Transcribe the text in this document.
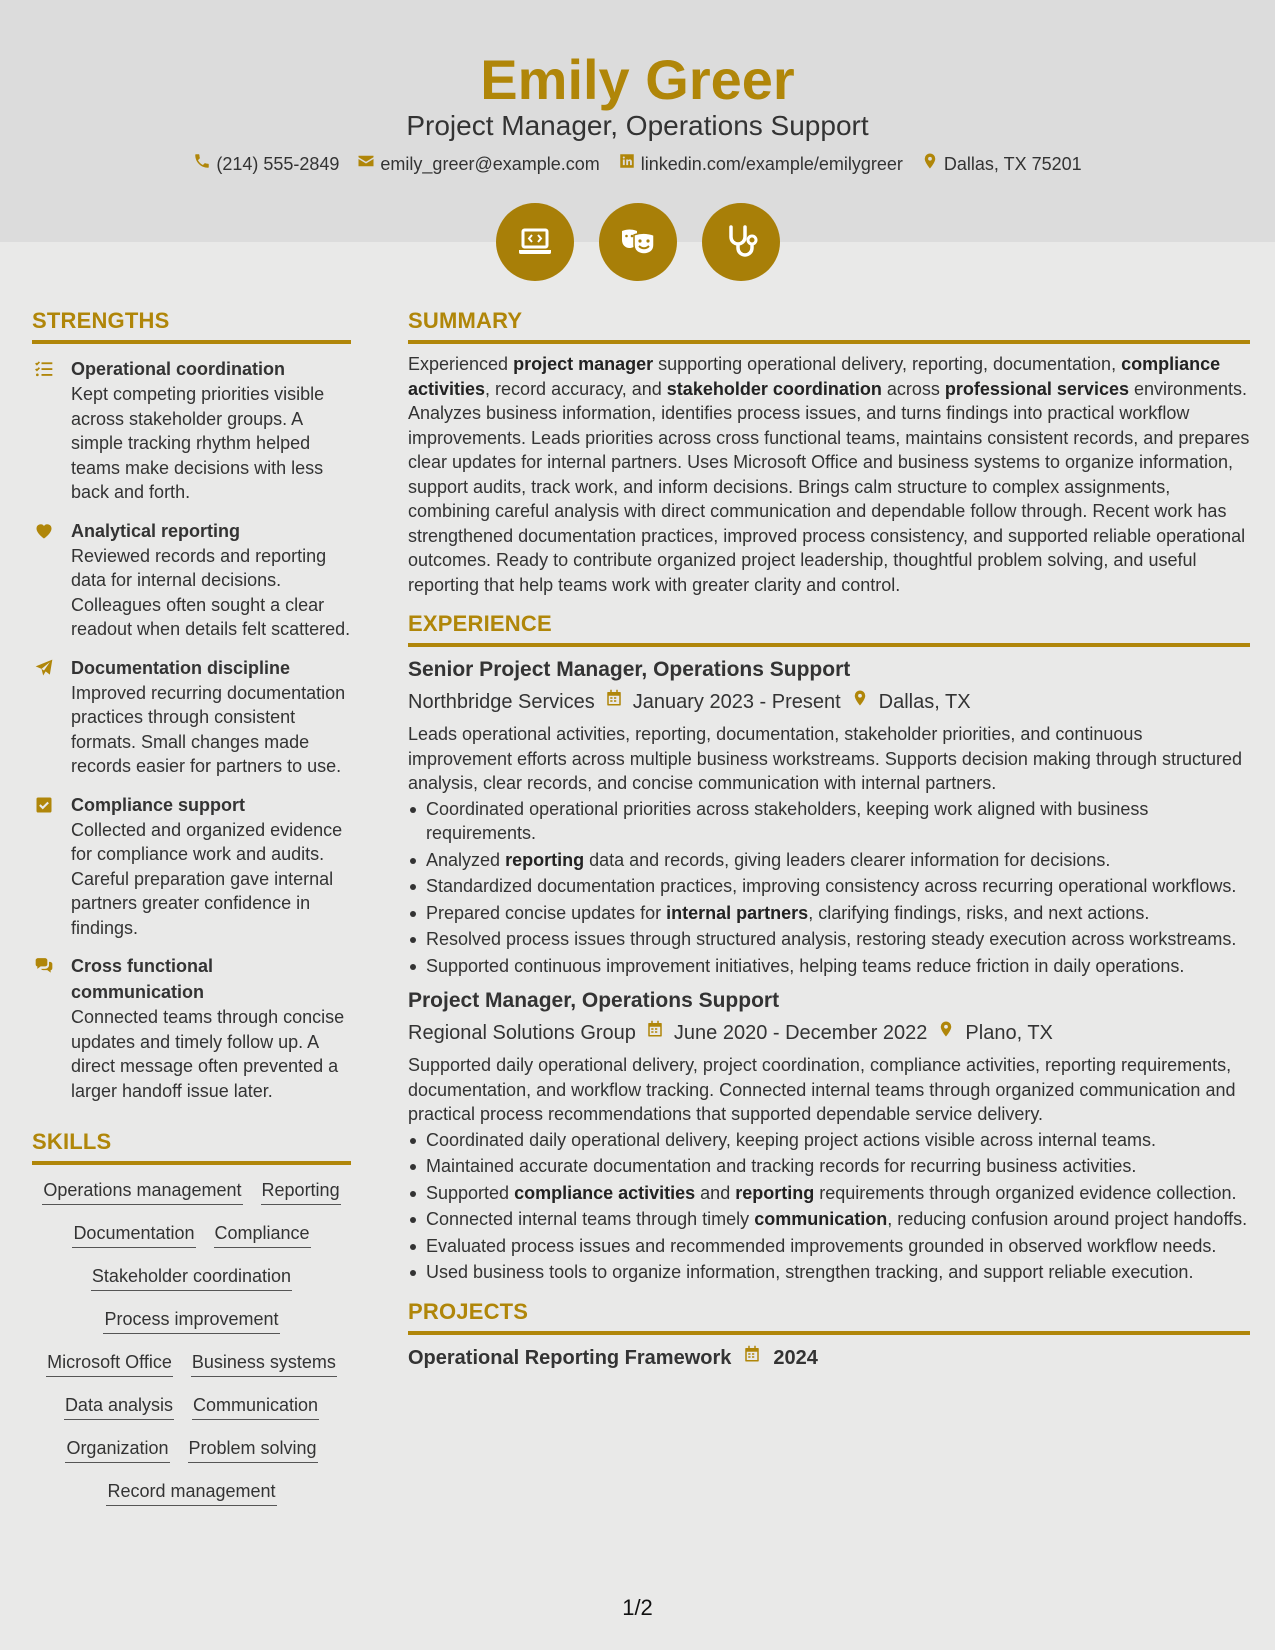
Emily Greer
Project Manager, Operations Support
(214) 555-2849 emily_greer@example.com linkedin.com/example/emilygreer Dallas, TX 75201
STRENGTHS
Operational coordination
Kept competing priorities visible across stakeholder groups. A simple tracking rhythm helped teams make decisions with less back and forth.
Analytical reporting
Reviewed records and reporting data for internal decisions. Colleagues often sought a clear readout when details felt scattered.
Documentation discipline
Improved recurring documentation practices through consistent formats. Small changes made records easier for partners to use.
Compliance support
Collected and organized evidence for compliance work and audits. Careful preparation gave internal partners greater confidence in findings.
Cross functional communication
Connected teams through concise updates and timely follow up. A direct message often prevented a larger handoff issue later.
SKILLS
Operations management Reporting
Documentation Compliance
Stakeholder coordination
Process improvement
Microsoft Office Business systems
Data analysis Communication
Organization Problem solving
Record management
SUMMARY

Experienced project manager supporting operational delivery, reporting, documentation, compliance activities, record accuracy, and stakeholder coordination across professional services environments. Analyzes business information, identifies process issues, and turns findings into practical workflow improvements. Leads priorities across cross functional teams, maintains consistent records, and prepares clear updates for internal partners. Uses Microsoft Office and business systems to organize information, support audits, track work, and inform decisions. Brings calm structure to complex assignments, combining careful analysis with direct communication and dependable follow through. Recent work has strengthened documentation practices, improved process consistency, and supported reliable operational outcomes. Ready to contribute organized project leadership, thoughtful problem solving, and useful reporting that help teams work with greater clarity and control.

EXPERIENCE
Senior Project Manager, Operations Support
Northbridge Services January 2023 - Present Dallas, TX

Leads operational activities, reporting, documentation, stakeholder priorities, and continuous improvement efforts across multiple business workstreams. Supports decision making through structured analysis, clear records, and concise communication with internal partners.

Coordinated operational priorities across stakeholders, keeping work aligned with business requirements.
Analyzed reporting data and records, giving leaders clearer information for decisions.
Standardized documentation practices, improving consistency across recurring operational workflows.
Prepared concise updates for internal partners, clarifying findings, risks, and next actions.
Resolved process issues through structured analysis, restoring steady execution across workstreams.
Supported continuous improvement initiatives, helping teams reduce friction in daily operations.
Project Manager, Operations Support
Regional Solutions Group June 2020 - December 2022 Plano, TX

Supported daily operational delivery, project coordination, compliance activities, reporting requirements, documentation, and workflow tracking. Connected internal teams through organized communication and practical process recommendations that supported dependable service delivery.

Coordinated daily operational delivery, keeping project actions visible across internal teams.
Maintained accurate documentation and tracking records for recurring business activities.
Supported compliance activities and reporting requirements through organized evidence collection.
Connected internal teams through timely communication, reducing confusion around project handoffs.
Evaluated process issues and recommended improvements grounded in observed workflow needs.
Used business tools to organize information, strengthen tracking, and support reliable execution.
PROJECTS
Operational Reporting Framework 2024
1/2
